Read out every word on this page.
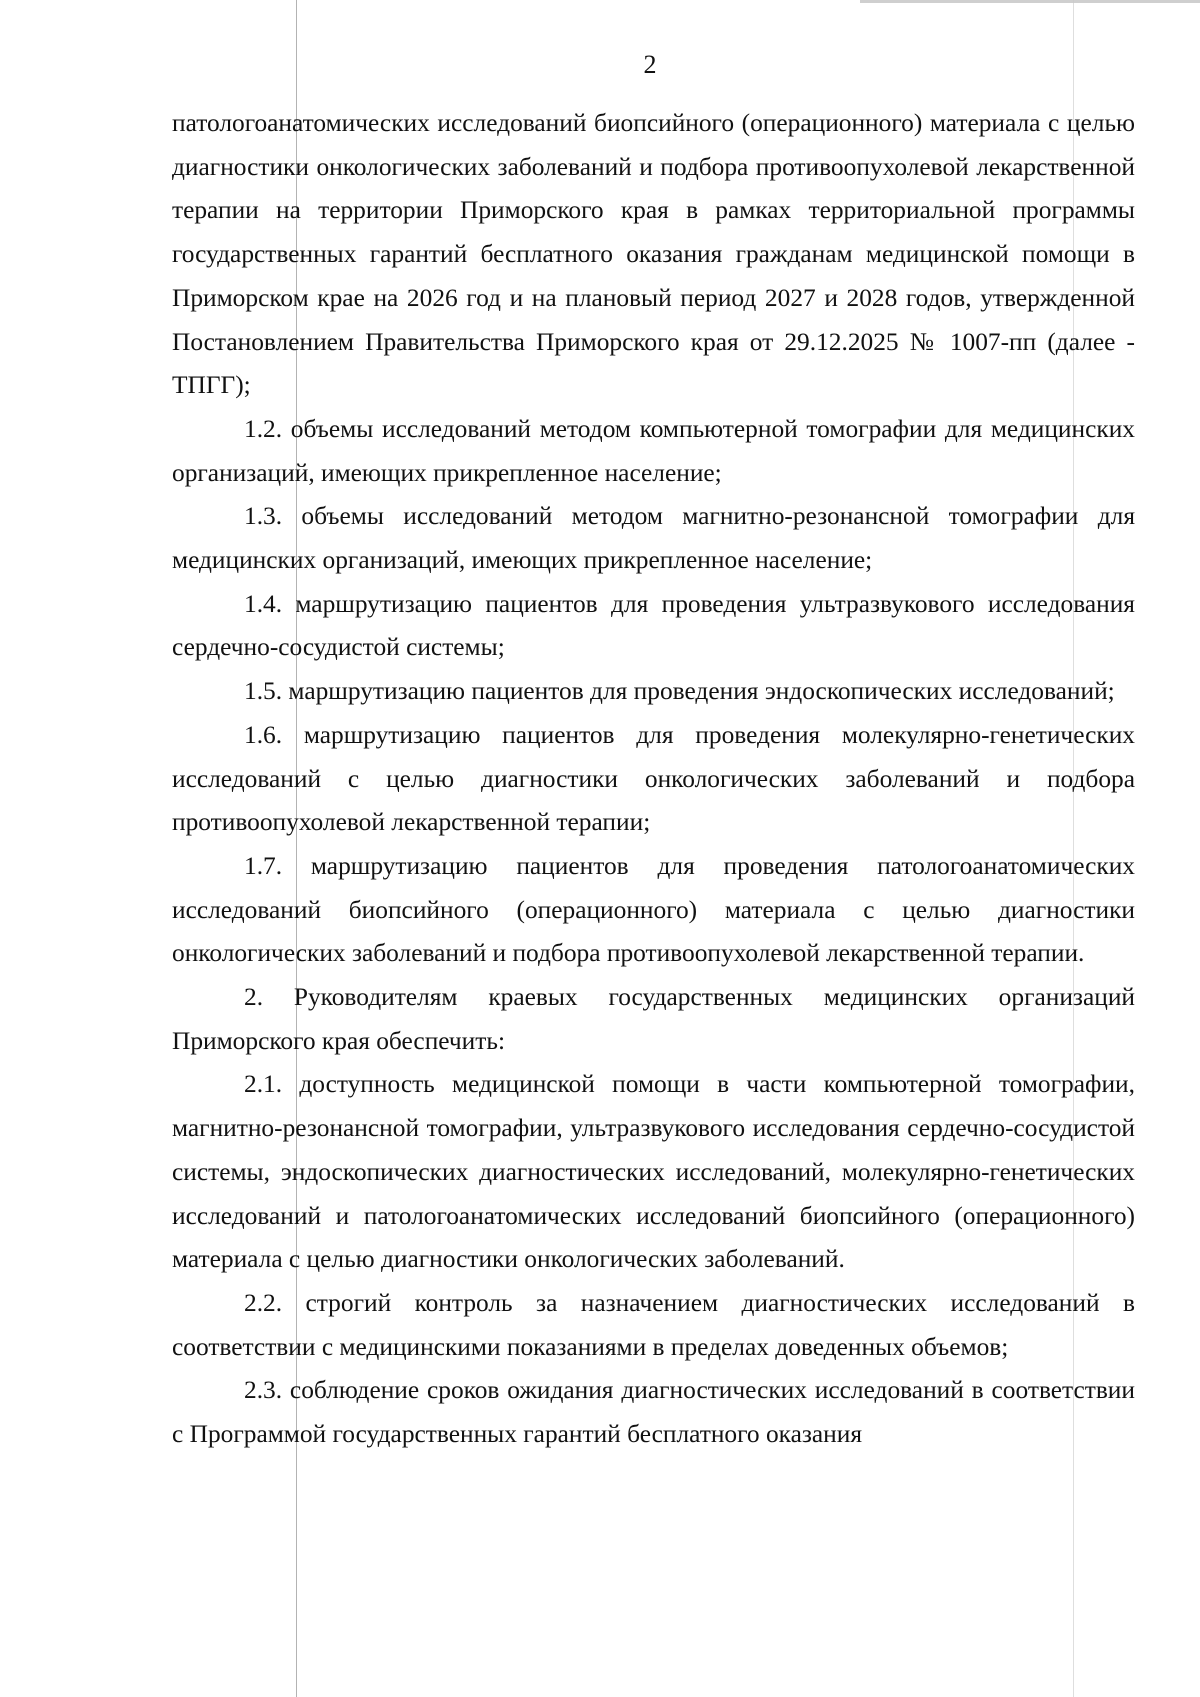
2

патологоанатомических исследований биопсийного (операционного) материала с целью диагностики онкологических заболеваний и подбора противоопухолевой лекарственной терапии на территории Приморского края в рамках территориальной программы государственных гарантий бесплатного оказания гражданам медицинской помощи в Приморском крае на 2026 год и на плановый период 2027 и 2028 годов, утвержденной Постановлением Правительства Приморского края от 29.12.2025 № 1007-пп (далее - ТПГГ);

1.2. объемы исследований методом компьютерной томографии для медицинских организаций, имеющих прикрепленное население;

1.3. объемы исследований методом магнитно-резонансной томографии для медицинских организаций, имеющих прикрепленное население;

1.4. маршрутизацию пациентов для проведения ультразвукового исследования сердечно-сосудистой системы;

1.5. маршрутизацию пациентов для проведения эндоскопических исследований;

1.6. маршрутизацию пациентов для проведения молекулярно-генетических исследований с целью диагностики онкологических заболеваний и подбора противоопухолевой лекарственной терапии;

1.7. маршрутизацию пациентов для проведения патологоанатомических исследований биопсийного (операционного) материала с целью диагностики онкологических заболеваний и подбора противоопухолевой лекарственной терапии.

2. Руководителям краевых государственных медицинских организаций Приморского края обеспечить:

2.1. доступность медицинской помощи в части компьютерной томографии, магнитно-резонансной томографии, ультразвукового исследования сердечно-сосудистой системы, эндоскопических диагностических исследований, молекулярно-генетических исследований и патологоанатомических исследований биопсийного (операционного) материала с целью диагностики онкологических заболеваний.

2.2. строгий контроль за назначением диагностических исследований в соответствии с медицинскими показаниями в пределах доведенных объемов;

2.3. соблюдение сроков ожидания диагностических исследований в соответствии с Программой государственных гарантий бесплатного оказания
